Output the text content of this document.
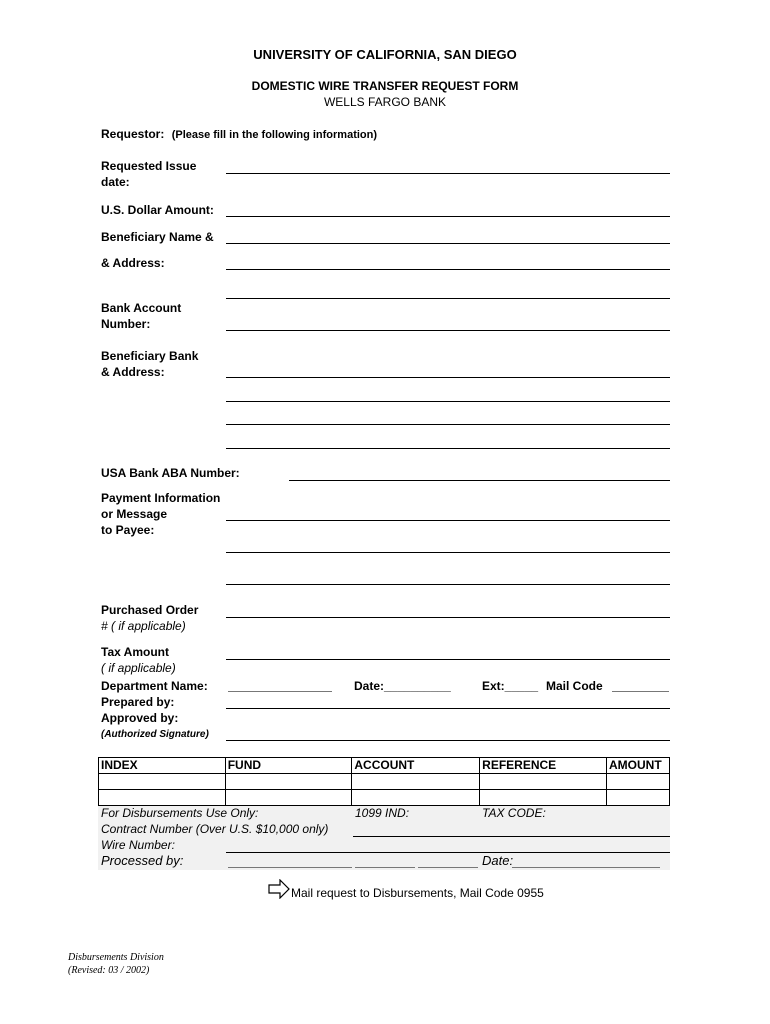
UNIVERSITY OF CALIFORNIA, SAN DIEGO
DOMESTIC WIRE TRANSFER REQUEST FORM
WELLS FARGO BANK
Requestor: (Please fill in the following information)
Requested Issue
date:
U.S. Dollar Amount:
Beneficiary Name &
& Address:
Bank Account
Number:
Beneficiary Bank
& Address:
USA Bank ABA Number:
Payment Information
or Message
to Payee:
Purchased Order
# ( if applicable)
Tax Amount
( if applicable)
Department Name:	Date:__________	Ext:_____ Mail Code
Prepared by:
Approved by:
(Authorized Signature)
INDEX	FUND	ACCOUNT	REFERENCE	AMOUNT

For Disbursements Use Only:	1099 IND:	TAX CODE:
Contract Number (Over U.S. $10,000 only)
Wire Number:
Processed by:	Date:
Mail request to Disbursements, Mail Code 0955
Disbursements Division
(Revised: 03 / 2002)
